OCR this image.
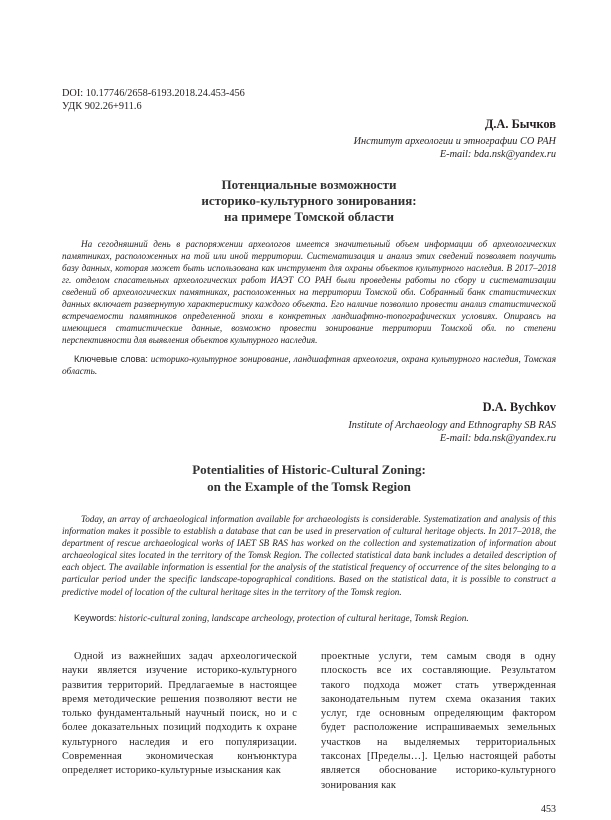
DOI: 10.17746/2658-6193.2018.24.453-456
УДК 902.26+911.6
Д.А. Бычков
Институт археологии и этнографии СО РАН
E-mail: bda.nsk@yandex.ru
Потенциальные возможности
историко-культурного зонирования:
на примере Томской области

На сегодняшний день в распоряжении археологов имеется значительный объем информации об археологических памятниках, расположенных на той или иной территории. Систематизация и анализ этих сведений позволяет получить базу данных, которая может быть использована как инструмент для охраны объектов культурного наследия. В 2017–2018 гг. отделом спасательных археологических работ ИАЭТ СО РАН были проведены работы по сбору и систематизации сведений об археологических памятниках, расположенных на территории Томской обл. Собранный банк статистических данных включает развернутую характеристику каждого объекта. Его наличие позволило провести анализ статистической встречаемости памятников определенной эпохи в конкретных ландшафтно-топографических условиях. Опираясь на имеющиеся статистические данные, возможно провести зонирование территории Томской обл. по степени перспективности для выявления объектов культурного наследия.

Ключевые слова: историко-культурное зонирование, ландшафтная археология, охрана культурного наследия, Томская область.

D.A. Bychkov
Institute of Archaeology and Ethnography SB RAS
E-mail: bda.nsk@yandex.ru
Potentialities of Historic-Cultural Zoning:
on the Example of the Tomsk Region

Today, an array of archaeological information available for archaeologists is considerable. Systematization and analysis of this information makes it possible to establish a database that can be used in preservation of cultural heritage objects. In 2017–2018, the department of rescue archaeological works of IAET SB RAS has worked on the collection and systematization of information about archaeological sites located in the territory of the Tomsk Region. The collected statistical data bank includes a detailed description of each object. The available information is essential for the analysis of the statistical frequency of occurrence of the sites belonging to a particular period under the specific landscape-topographical conditions. Based on the statistical data, it is possible to construct a predictive model of location of the cultural heritage sites in the territory of the Tomsk region.

Keywords: historic-cultural zoning, landscape archeology, protection of cultural heritage, Tomsk Region.

Одной из важнейших задач археологической науки является изучение историко-культурного развития территорий. Предлагаемые в настоящее время методические решения позволяют вести не только фундаментальный научный поиск, но и с более доказательных позиций подходить к охране культурного наследия и его популяризации. Современная экономическая конъюнктура определяет историко-культурные изыскания как

проектные услуги, тем самым сводя в одну плоскость все их составляющие. Результатом такого подхода может стать утвержденная законодательным путем схема оказания таких услуг, где основным определяющим фактором будет расположение испрашиваемых земельных участков на выделяемых территориальных таксонах [Пределы…]. Целью настоящей работы является обоснование историко-культурного зонирования как

453
